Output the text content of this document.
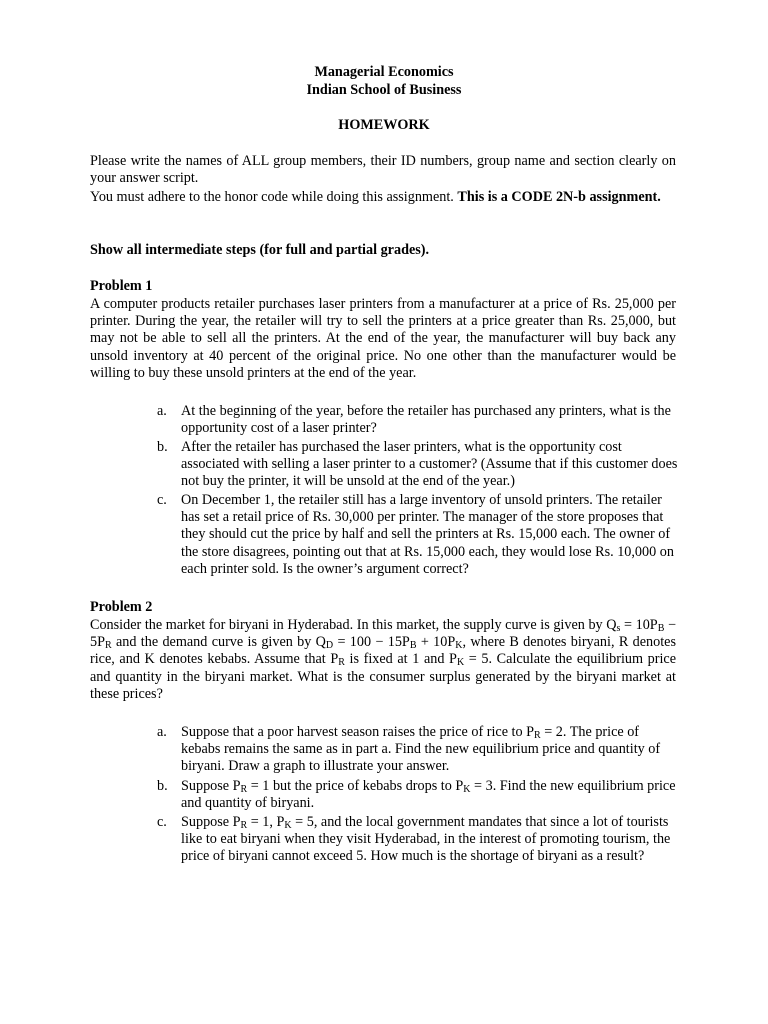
Managerial Economics
Indian School of Business
HOMEWORK
Please write the names of ALL group members, their ID numbers, group name and section clearly on your answer script.
You must adhere to the honor code while doing this assignment. This is a CODE 2N-b assignment.
Show all intermediate steps (for full and partial grades).
Problem 1
A computer products retailer purchases laser printers from a manufacturer at a price of Rs. 25,000 per printer. During the year, the retailer will try to sell the printers at a price greater than Rs. 25,000, but may not be able to sell all the printers. At the end of the year, the manufacturer will buy back any unsold inventory at 40 percent of the original price. No one other than the manufacturer would be willing to buy these unsold printers at the end of the year.
a. At the beginning of the year, before the retailer has purchased any printers, what is the opportunity cost of a laser printer?
b. After the retailer has purchased the laser printers, what is the opportunity cost associated with selling a laser printer to a customer? (Assume that if this customer does not buy the printer, it will be unsold at the end of the year.)
c. On December 1, the retailer still has a large inventory of unsold printers. The retailer has set a retail price of Rs. 30,000 per printer. The manager of the store proposes that they should cut the price by half and sell the printers at Rs. 15,000 each. The owner of the store disagrees, pointing out that at Rs. 15,000 each, they would lose Rs. 10,000 on each printer sold. Is the owner’s argument correct?
Problem 2
Consider the market for biryani in Hyderabad. In this market, the supply curve is given by $Q_s = 10P_B - 5P_R$ and the demand curve is given by $Q_D = 100 - 15P_B + 10P_K$, where B denotes biryani, R denotes rice, and K denotes kebabs. Assume that $P_R$ is fixed at 1 and $P_K = 5$. Calculate the equilibrium price and quantity in the biryani market. What is the consumer surplus generated by the biryani market at these prices?
a. Suppose that a poor harvest season raises the price of rice to $P_R = 2$. The price of kebabs remains the same as in part a. Find the new equilibrium price and quantity of biryani. Draw a graph to illustrate your answer.
b. Suppose $P_R = 1$ but the price of kebabs drops to $P_K = 3$. Find the new equilibrium price and quantity of biryani.
c. Suppose $P_R = 1$, $P_K = 5$, and the local government mandates that since a lot of tourists like to eat biryani when they visit Hyderabad, in the interest of promoting tourism, the price of biryani cannot exceed 5. How much is the shortage of biryani as a result?
